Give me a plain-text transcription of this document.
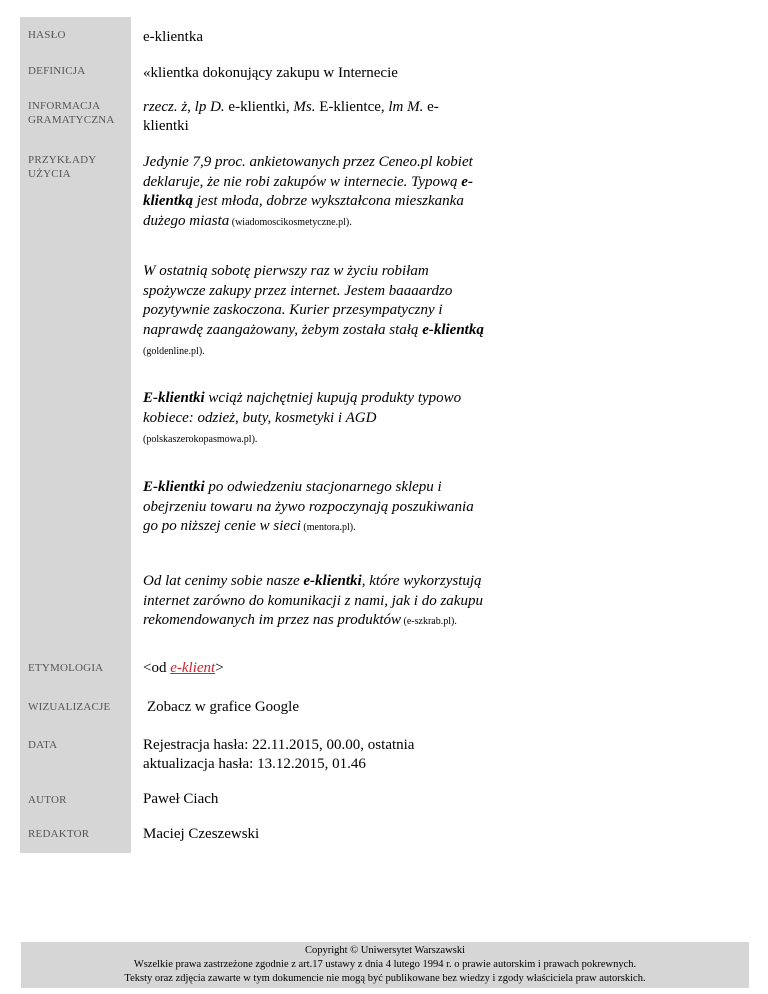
HASŁO
DEFINICJA
INFORMACJA
GRAMATYCZNA
PRZYKŁADY
UŻYCIA
ETYMOLOGIA
WIZUALIZACJE
DATA
AUTOR
REDAKTOR
e-klientka
«klientka dokonujący zakupu w Internecie
rzecz. ż, lp D. e-klientki, Ms. E-klientce, lm M. e-klientki
Jedynie 7,9 proc. ankietowanych przez Ceneo.pl kobiet deklaruje, że nie robi zakupów w internecie. Typową e-klientką jest młoda, dobrze wykształcona mieszkanka dużego miasta (wiadomoscikosmetyczne.pl).
W ostatnią sobotę pierwszy raz w życiu robiłam spożywcze zakupy przez internet. Jestem baaaardzo pozytywnie zaskoczona. Kurier przesympatyczny i naprawdę zaangażowany, żebym została stałą e-klientką (goldenline.pl).
E-klientki wciąż najchętniej kupują produkty typowo kobiece: odzież, buty, kosmetyki i AGD (polskaszerokopasmowa.pl).
E-klientki po odwiedzeniu stacjonarnego sklepu i obejrzeniu towaru na żywo rozpoczynają poszukiwania go po niższej cenie w sieci (mentora.pl).
Od lat cenimy sobie nasze e-klientki, które wykorzystują internet zarówno do komunikacji z nami, jak i do zakupu rekomendowanych im przez nas produktów (e-szkrab.pl).
<od e-klient>
Zobacz w grafice Google
Rejestracja hasła: 22.11.2015, 00.00, ostatnia aktualizacja hasła: 13.12.2015, 01.46
Paweł Ciach
Maciej Czeszewski
Copyright © Uniwersytet Warszawski
Wszelkie prawa zastrzeżone zgodnie z art.17 ustawy z dnia 4 lutego 1994 r. o prawie autorskim i prawach pokrewnych.
Teksty oraz zdjęcia zawarte w tym dokumencie nie mogą być publikowane bez wiedzy i zgody właściciela praw autorskich.
